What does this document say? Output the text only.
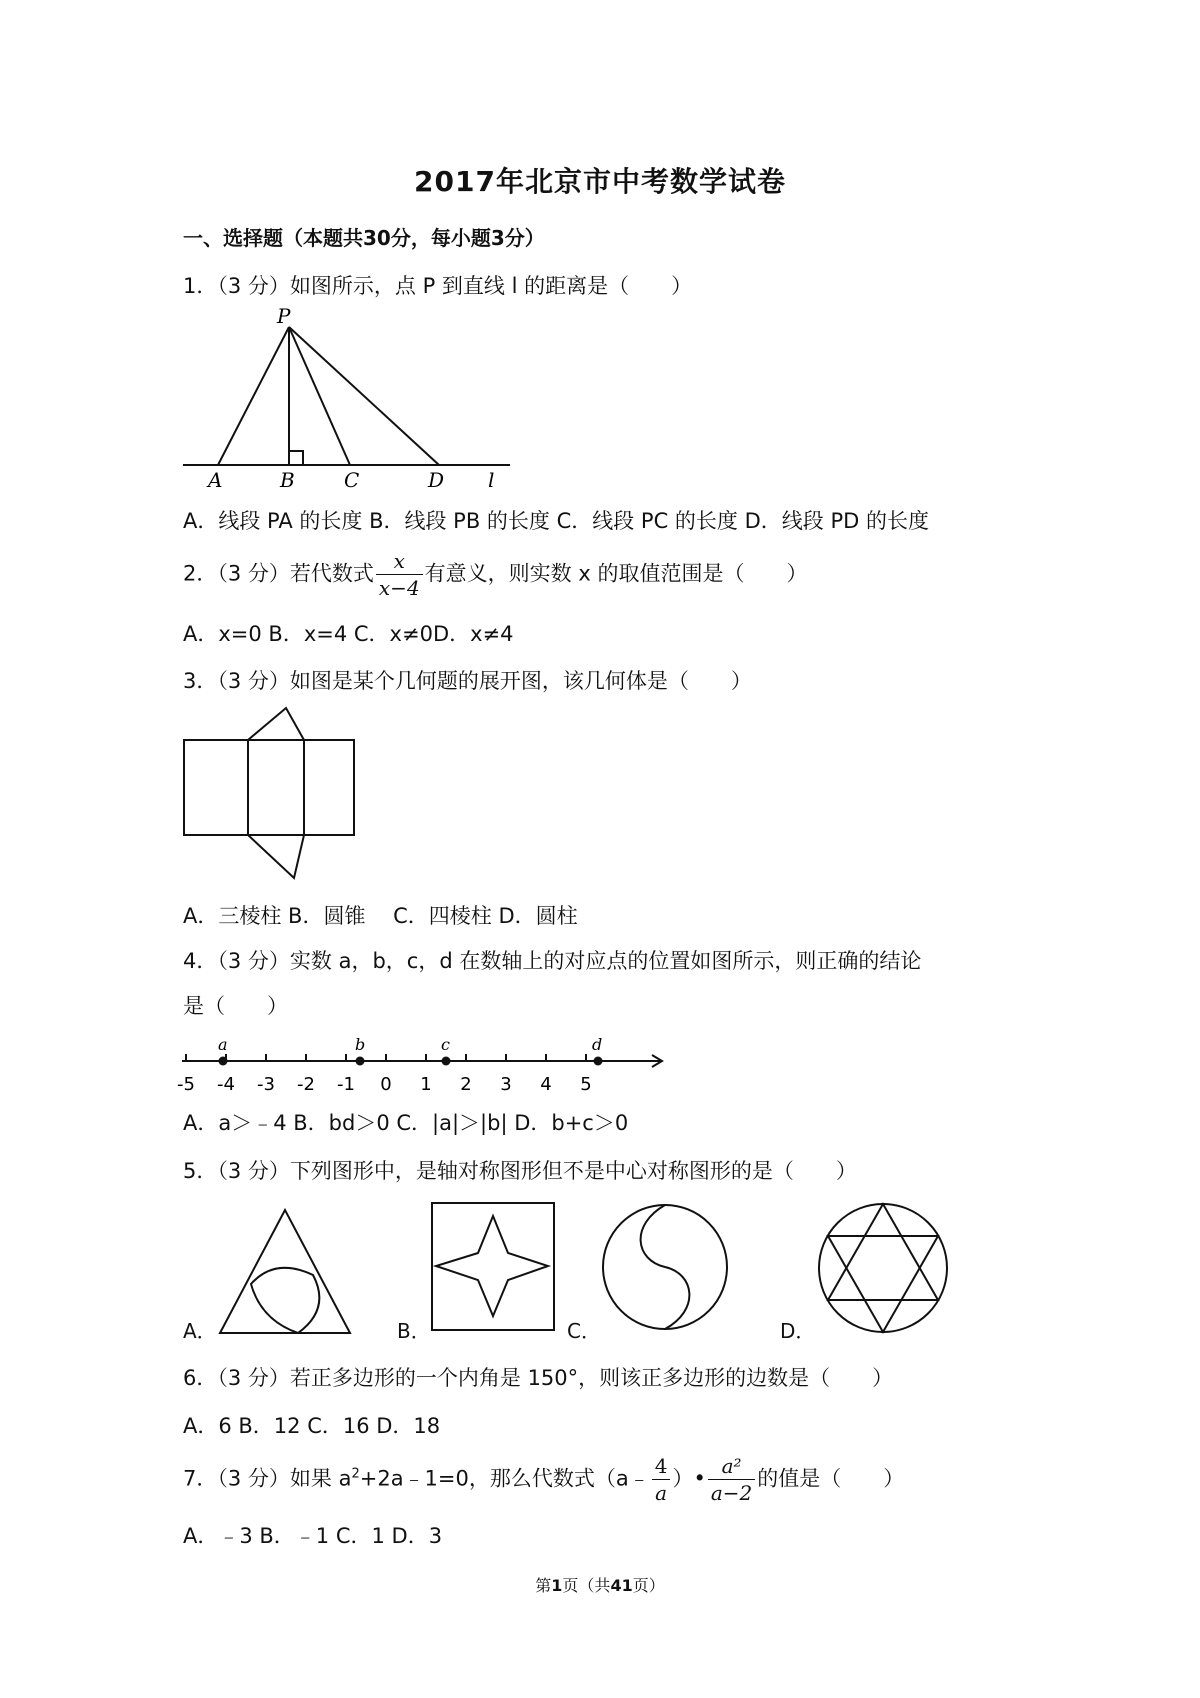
2017年北京市中考数学试卷
一、选择题（本题共30分，每小题3分）
1．（3 分）如图所示，点 P 到直线 l 的距离是（　　）
P
A	B C	D l
A．线段 PA 的长度 B．线段 PB 的长度 C．线段 PC 的长度 D．线段 PD 的长度
2．（3 分）若代数式 $\frac{x}{x-4}$ 有意义，则实数 x 的取值范围是（　　）
A．x=0 B．x=4 C．x≠0D．x≠4
3．（3 分）如图是某个几何题的展开图，该几何体是（　　）
A．三棱柱 B．圆锥　 C．四棱柱 D．圆柱
4．（3 分）实数 a，b，c，d 在数轴上的对应点的位置如图所示，则正确的结论
是（　　）
-5 -4 -3 -2 -1 0 1 2 3 4 5
a	b	c	d
A．a＞﹣4 B．bd＞0 C．|a|＞|b| D．b+c＞0
5．（3 分）下列图形中，是轴对称图形但不是中心对称图形的是（　　）
A．	B．	C．	D．
6．（3 分）若正多边形的一个内角是 150°，则该正多边形的边数是（　　）
A．6 B．12 C．16 D．18
7．（3 分）如果 $a^2+2a﹣1=0$，那么代数式（a﹣ $\frac{4}{a}$ ）• $\frac{\text{a²}}{a-2}$ 的值是（　　）
A．﹣3 B．﹣1 C．1 D．3
第1页（共41页）
